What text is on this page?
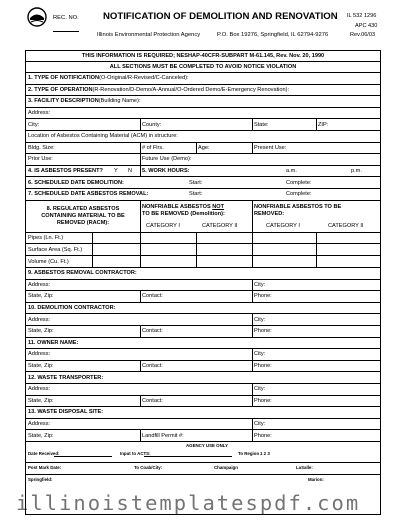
REC. NO.	NOTIFICATION OF DEMOLITION AND RENOVATION IL 532 1296
APC 430
Illinois Environmental Protection Agency	P.O. Box 19276, Springfield, IL 62794-9276	Rev.06/03
THIS INFORMATION IS REQUIRED; NESHAP-40CFR-SUBPART M-61.145, Rev. Nov. 20, 1990
ALL SECTIONS MUST BE COMPLETED TO AVOID NOTICE VIOLATION
1. TYPE OF NOTIFICATION (O-Original/R-Revised/C-Canceled):
2. TYPE OF OPERATION (R-Renovation/D-Demo/A-Annual/O-Ordered Demo/E-Emergency Renovation):
3. FACILITY DESCRIPTION (Building Name):
Address:
City:	County:	State:	ZIP:
Location of Asbestos Containing Material (ACM) in structure:
Bldg. Size:	# of Flrs.	Age:	Present Use:
Prior Use:	Future Use (Demo):
4. IS ASBESTOS PRESENT?	Y	N	5. WORK HOURS:	a.m.	p.m.
6. SCHEDULED DATE DEMOLITION:	Start:	Complete:
7. SCHEDULED DATE ASBESTOS REMOVAL:	Start:	Complete:
8. REGULATED ASBESTOS
CONTAINING MATERIAL TO BE
REMOVED (RACM):
NONFRIABLE ASBESTOS NOT
TO BE REMOVED (Demolition):
CATEGORY I	CATEGORY II
NONFRIABLE ASBESTOS TO BE
REMOVED:
CATEGORY I	CATEGORY II
Pipes (Ln. Ft.)
Surface Area (Sq. Ft.)
Volume (Cu. Ft.)
9. ASBESTOS REMOVAL CONTRACTOR:
Address:	City:
State, Zip:	Contact:	Phone:
10. DEMOLITION CONTRACTOR:
Address:	City:
State, Zip:	Contact:	Phone:
11. OWNER NAME:
Address:	City:
State, Zip:	Contact:	Phone:
12. WASTE TRANSPORTER:
Address:	City:
State, Zip:	Contact:	Phone:
13. WASTE DISPOSAL SITE:
Address:	City:
State, Zip:	Landfill Permit #:	Phone:
AGENCY USE ONLY
Date Received:	Input to ACTS:	To Region 1 2 3
Post Mark Date:	To Coab/City:	Champaign	LaSalle:
Springfield:	Marion:
illinoistemplatespdf.com
